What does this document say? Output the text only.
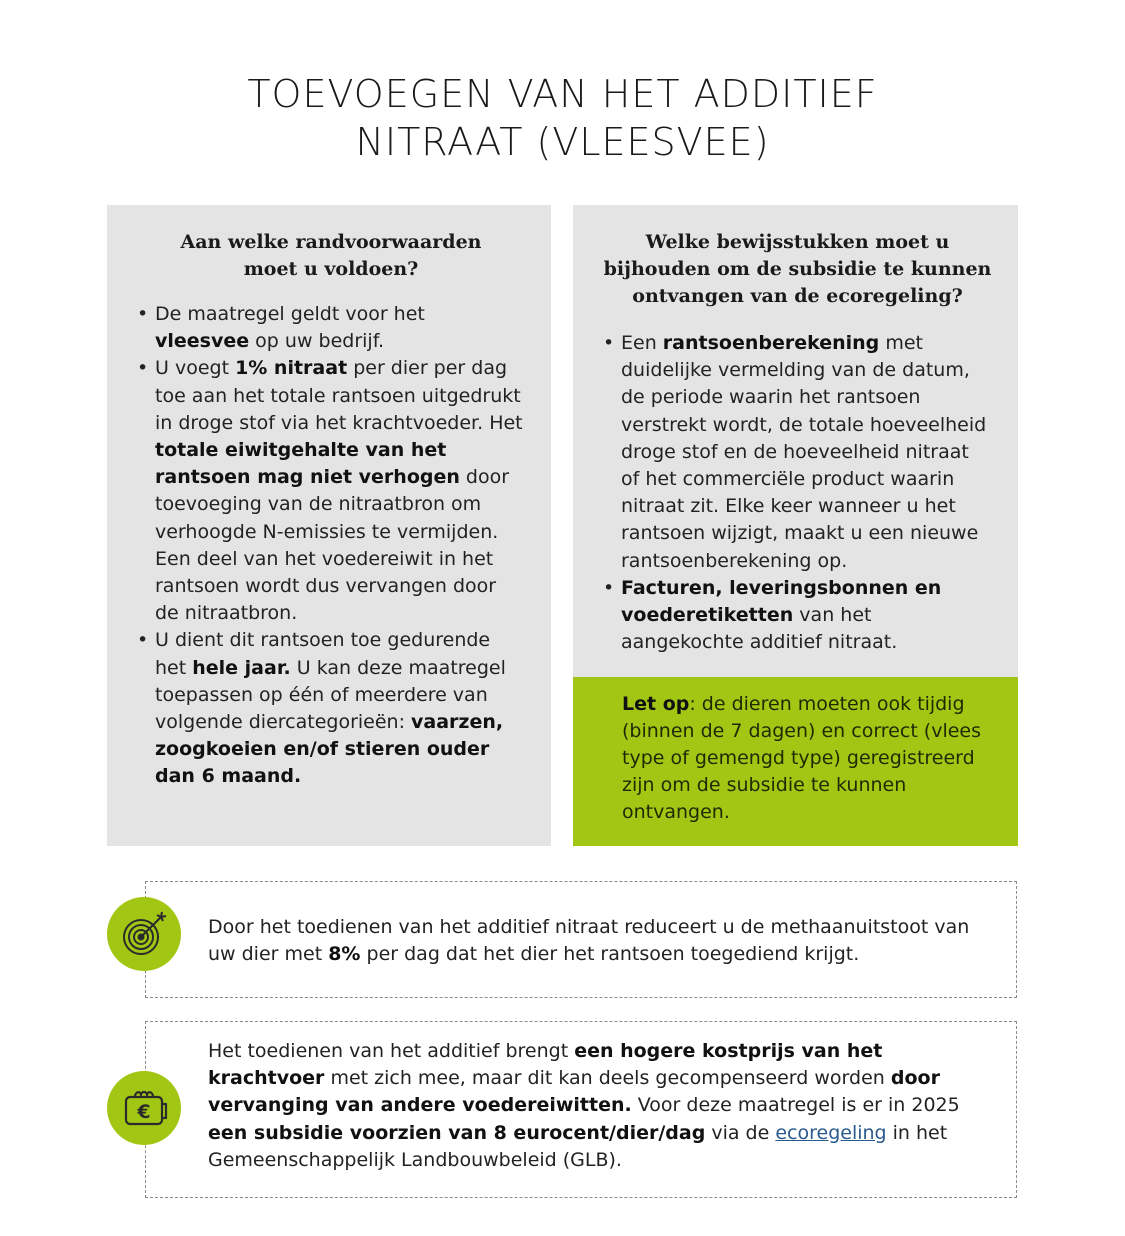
TOEVOEGEN VAN HET ADDITIEF
NITRAAT (VLEESVEE)
Aan welke randvoorwaarden
moet u voldoen?
• De maatregel geldt voor het vleesvee op uw bedrijf.
• U voegt 1% nitraat per dier per dag toe aan het totale rantsoen uitgedrukt in droge stof via het krachtvoeder. Het totale eiwitgehalte van het rantsoen mag niet verhogen door toevoeging van de nitraatbron om verhoogde N-emissies te vermijden. Een deel van het voedereiwit in het rantsoen wordt dus vervangen door de nitraatbron.
• U dient dit rantsoen toe gedurende het hele jaar. U kan deze maatregel toepassen op één of meerdere van volgende diercategorieën: vaarzen, zoogkoeien en/of stieren ouder dan 6 maand.
Welke bewijsstukken moet u
bijhouden om de subsidie te kunnen
ontvangen van de ecoregeling?
• Een rantsoenberekening met duidelijke vermelding van de datum, de periode waarin het rantsoen verstrekt wordt, de totale hoeveelheid droge stof en de hoeveelheid nitraat of het commerciële product waarin nitraat zit. Elke keer wanneer u het rantsoen wijzigt, maakt u een nieuwe rantsoenberekening op.
• Facturen, leveringsbonnen en voederetiketten van het aangekochte additief nitraat.
Let op: de dieren moeten ook tijdig (binnen de 7 dagen) en correct (vlees type of gemengd type) geregistreerd zijn om de subsidie te kunnen ontvangen.
Door het toedienen van het additief nitraat reduceert u de methaanuitstoot van uw dier met 8% per dag dat het dier het rantsoen toegediend krijgt.
€
Het toedienen van het additief brengt een hogere kostprijs van het krachtvoer met zich mee, maar dit kan deels gecompenseerd worden door vervanging van andere voedereiwitten. Voor deze maatregel is er in 2025 een subsidie voorzien van 8 eurocent/dier/dag via de ecoregeling in het Gemeenschappelijk Landbouwbeleid (GLB).
